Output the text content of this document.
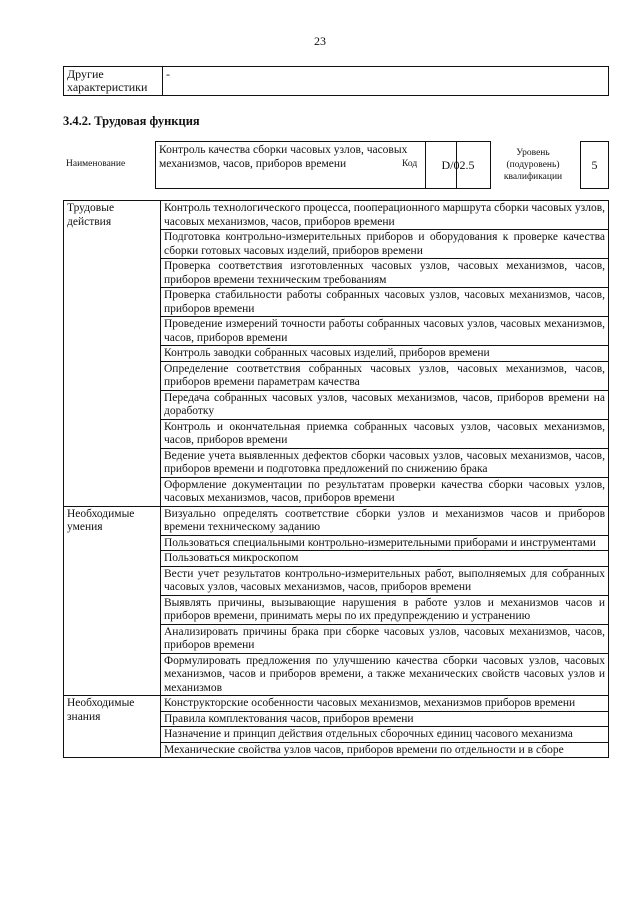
23
Другие характеристики	-
3.4.2. Трудовая функция
Наименование
Контроль качества сборки часовых узлов, часовых механизмов, часов, приборов времени	Код	D/02.5
Уровень (подуровень) квалификации
5
Трудовые действия	Контроль технологического процесса, пооперационного маршрута сборки часовых узлов, часовых механизмов, часов, приборов времени
	Подготовка контрольно-измерительных приборов и оборудования к проверке качества сборки готовых часовых изделий, приборов времени
	Проверка соответствия изготовленных часовых узлов, часовых механизмов, часов, приборов времени техническим требованиям
	Проверка стабильности работы собранных часовых узлов, часовых механизмов, часов, приборов времени
	Проведение измерений точности работы собранных часовых узлов, часовых механизмов, часов, приборов времени
	Контроль заводки собранных часовых изделий, приборов времени
	Определение соответствия собранных часовых узлов, часовых механизмов, часов, приборов времени параметрам качества
	Передача собранных часовых узлов, часовых механизмов, часов, приборов времени на доработку
	Контроль и окончательная приемка собранных часовых узлов, часовых механизмов, часов, приборов времени
	Ведение учета выявленных дефектов сборки часовых узлов, часовых механизмов, часов, приборов времени и подготовка предложений по снижению брака
	Оформление документации по результатам проверки качества сборки часовых узлов, часовых механизмов, часов, приборов времени
Необходимые умения	Визуально определять соответствие сборки узлов и механизмов часов и приборов времени техническому заданию
	Пользоваться специальными контрольно-измерительными приборами и инструментами
	Пользоваться микроскопом
	Вести учет результатов контрольно-измерительных работ, выполняемых для собранных часовых узлов, часовых механизмов, часов, приборов времени
	Выявлять причины, вызывающие нарушения в работе узлов и механизмов часов и приборов времени, принимать меры по их предупреждению и устранению
	Анализировать причины брака при сборке часовых узлов, часовых механизмов, часов, приборов времени
	Формулировать предложения по улучшению качества сборки часовых узлов, часовых механизмов, часов и приборов времени, а также механических свойств часовых узлов и механизмов
Необходимые знания	Конструкторские особенности часовых механизмов, механизмов приборов времени
	Правила комплектования часов, приборов времени
	Назначение и принцип действия отдельных сборочных единиц часового механизма
	Механические свойства узлов часов, приборов времени по отдельности и в сборе
